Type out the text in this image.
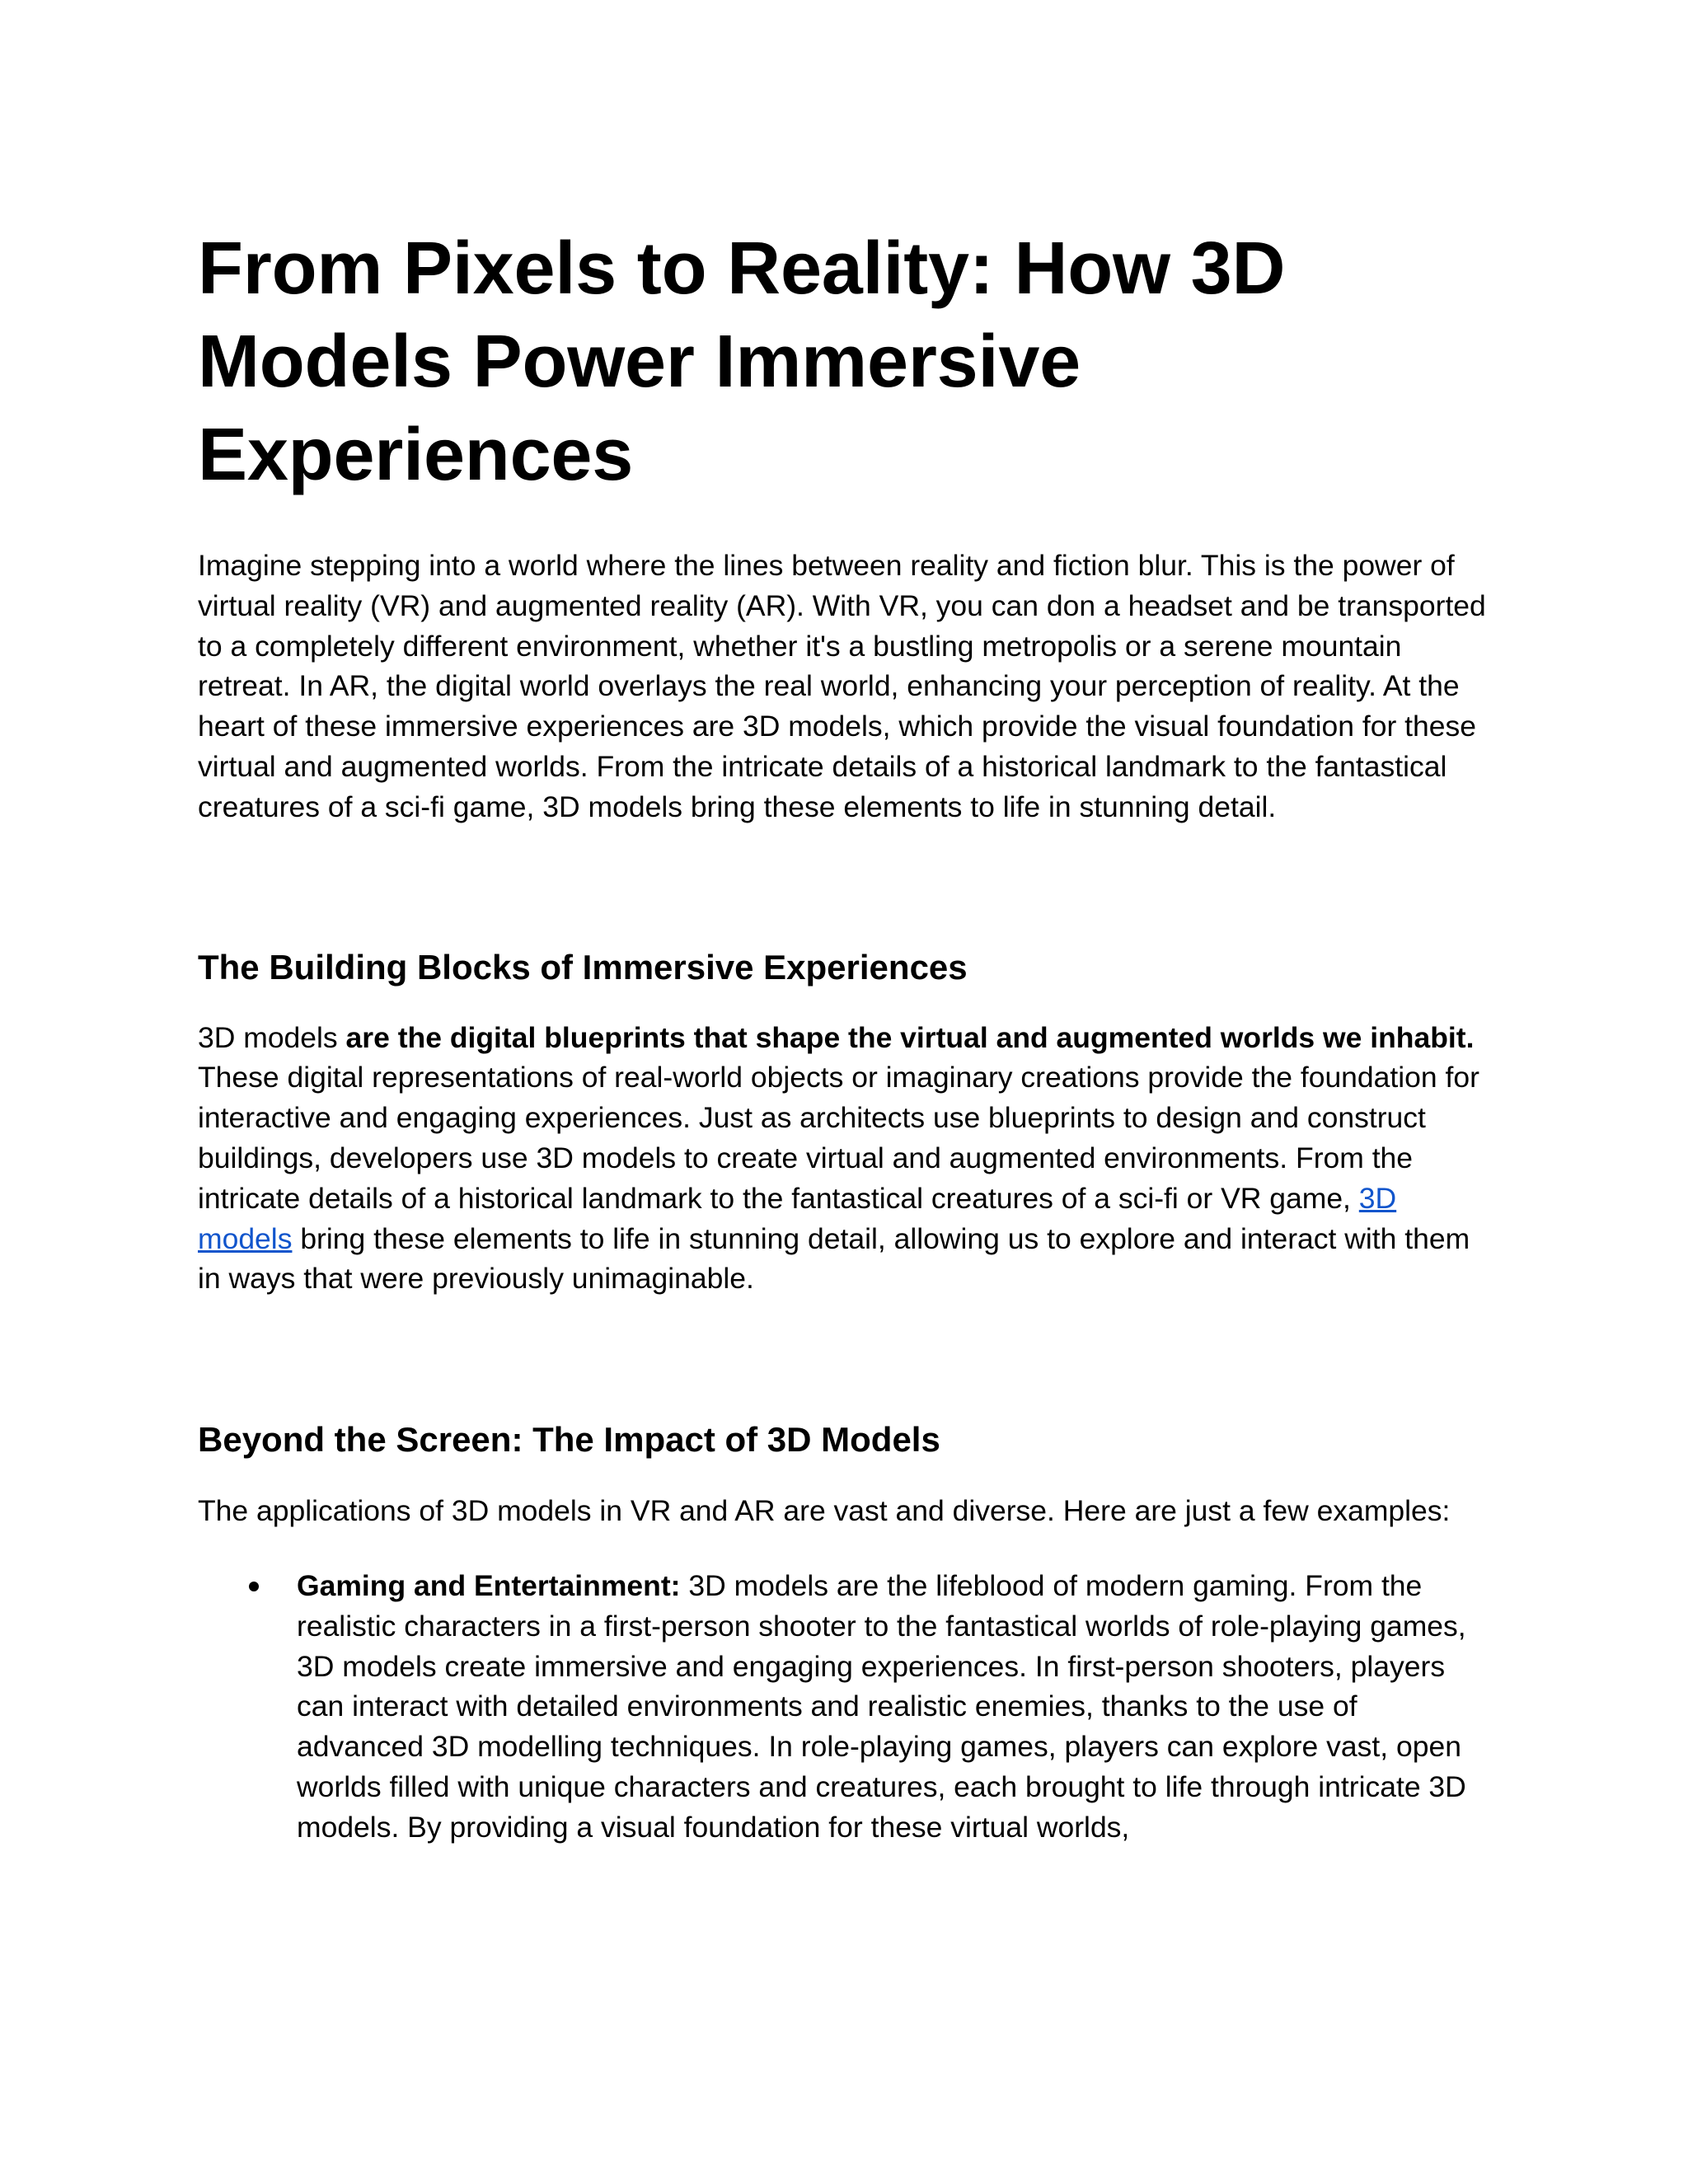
From Pixels to Reality: How 3D
Models Power Immersive
Experiences

Imagine stepping into a world where the lines between reality and fiction blur. This is the power of virtual reality (VR) and augmented reality (AR). With VR, you can don a headset and be transported to a completely different environment, whether it's a bustling metropolis or a serene mountain retreat. In AR, the digital world overlays the real world, enhancing your perception of reality. At the heart of these immersive experiences are 3D models, which provide the visual foundation for these virtual and augmented worlds. From the intricate details of a historical landmark to the fantastical creatures of a sci-fi game, 3D models bring these elements to life in stunning detail.

The Building Blocks of Immersive Experiences

3D models are the digital blueprints that shape the virtual and augmented worlds we inhabit. These digital representations of real-world objects or imaginary creations provide the foundation for interactive and engaging experiences. Just as architects use blueprints to design and construct buildings, developers use 3D models to create virtual and augmented environments. From the intricate details of a historical landmark to the fantastical creatures of a sci-fi or VR game, 3D models bring these elements to life in stunning detail, allowing us to explore and interact with them in ways that were previously unimaginable.

Beyond the Screen: The Impact of 3D Models

The applications of 3D models in VR and AR are vast and diverse. Here are just a few examples:

Gaming and Entertainment: 3D models are the lifeblood of modern gaming. From the realistic characters in a first-person shooter to the fantastical worlds of role-playing games, 3D models create immersive and engaging experiences. In first-person shooters, players can interact with detailed environments and realistic enemies, thanks to the use of advanced 3D modelling techniques. In role-playing games, players can explore vast, open worlds filled with unique characters and creatures, each brought to life through intricate 3D models. By providing a visual foundation for these virtual worlds,
